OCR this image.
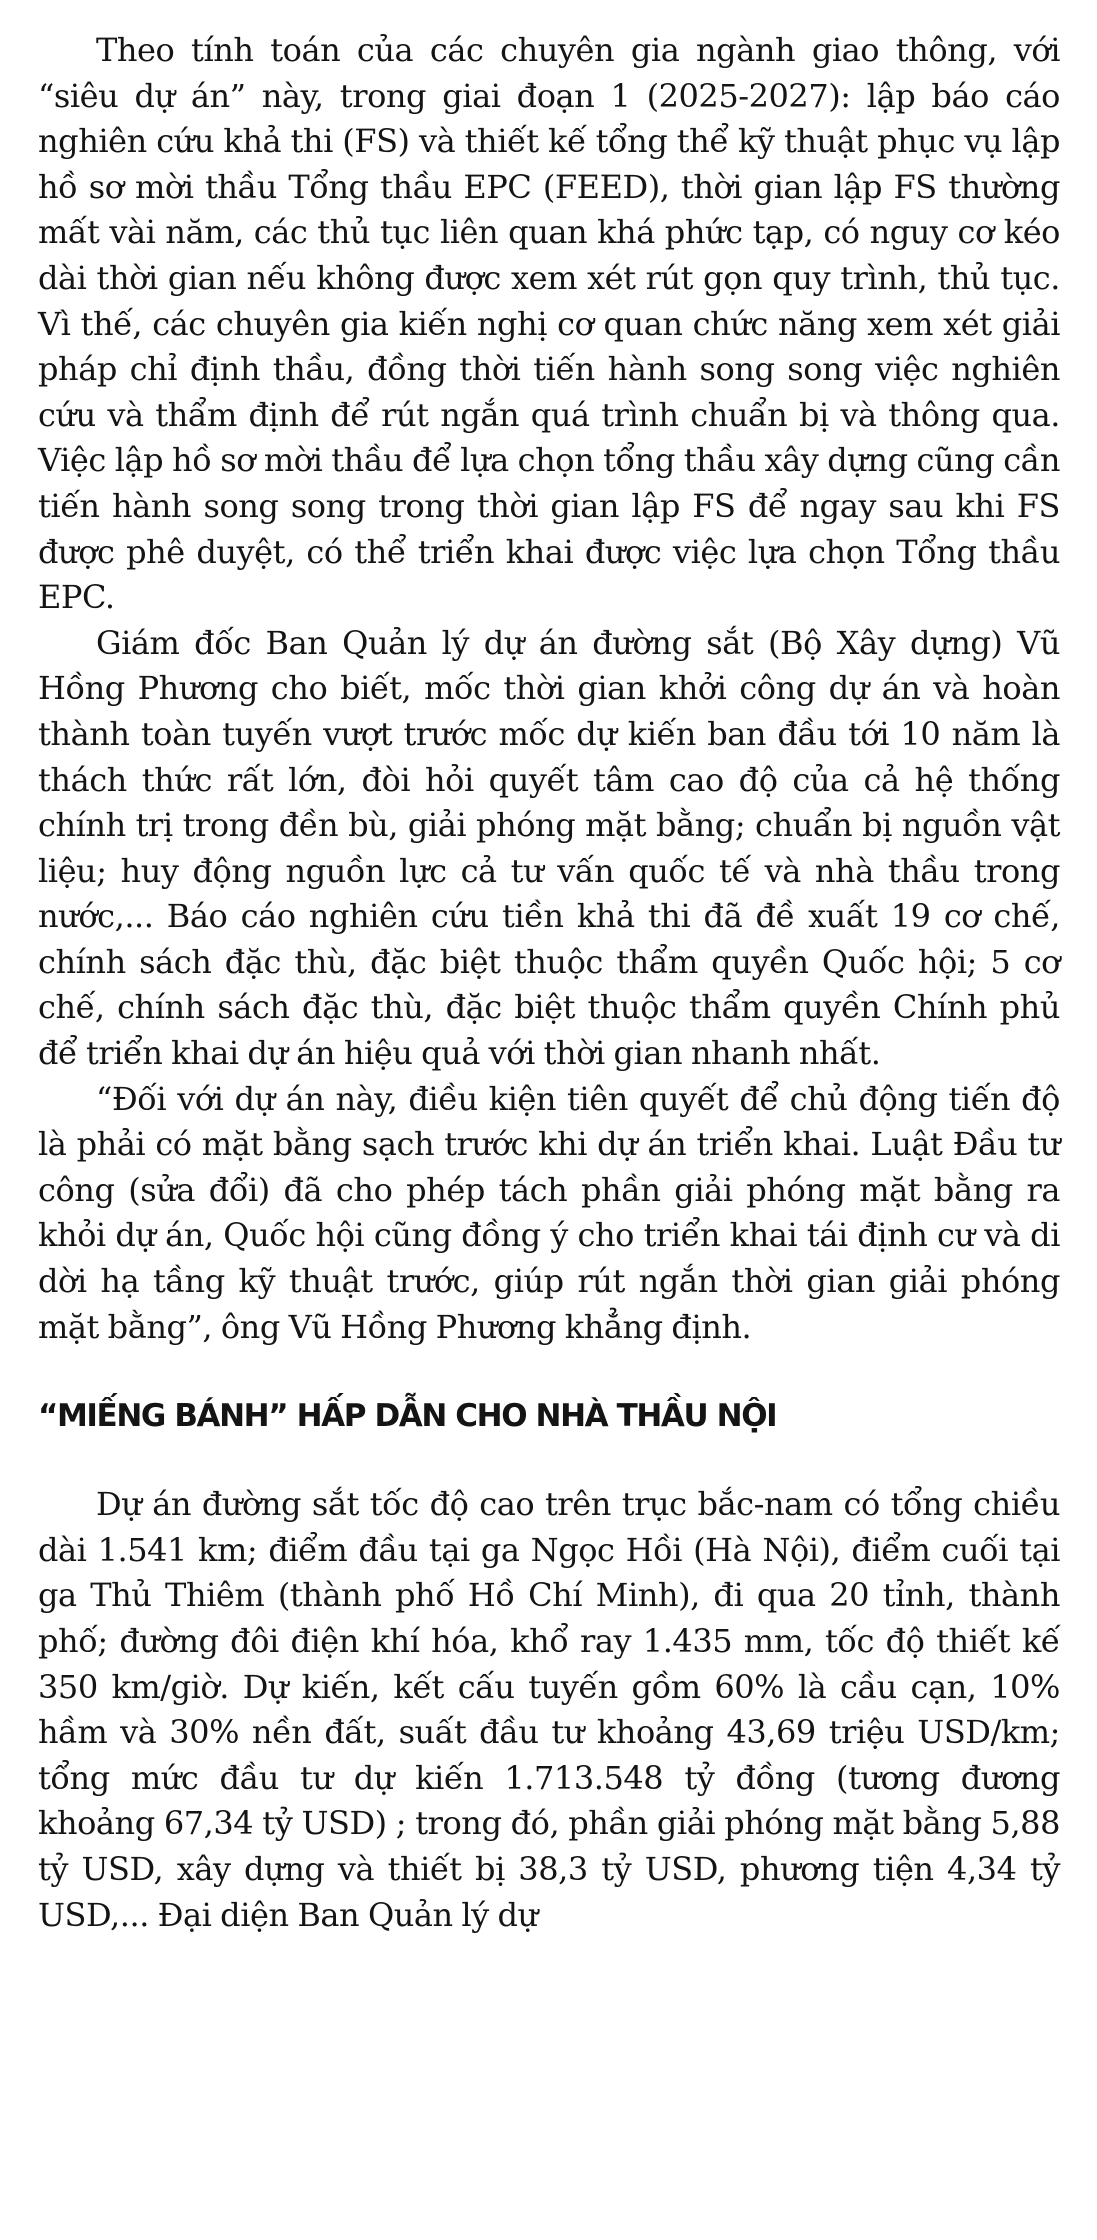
Theo tính toán của các chuyên gia ngành giao thông, với “siêu dự án” này, trong giai đoạn 1 (2025-2027): lập báo cáo nghiên cứu khả thi (FS) và thiết kế tổng thể kỹ thuật phục vụ lập hồ sơ mời thầu Tổng thầu EPC (FEED), thời gian lập FS thường mất vài năm, các thủ tục liên quan khá phức tạp, có nguy cơ kéo dài thời gian nếu không được xem xét rút gọn quy trình, thủ tục. Vì thế, các chuyên gia kiến nghị cơ quan chức năng xem xét giải pháp chỉ định thầu, đồng thời tiến hành song song việc nghiên cứu và thẩm định để rút ngắn quá trình chuẩn bị và thông qua. Việc lập hồ sơ mời thầu để lựa chọn tổng thầu xây dựng cũng cần tiến hành song song trong thời gian lập FS để ngay sau khi FS được phê duyệt, có thể triển khai được việc lựa chọn Tổng thầu EPC.

Giám đốc Ban Quản lý dự án đường sắt (Bộ Xây dựng) Vũ Hồng Phương cho biết, mốc thời gian khởi công dự án và hoàn thành toàn tuyến vượt trước mốc dự kiến ban đầu tới 10 năm là thách thức rất lớn, đòi hỏi quyết tâm cao độ của cả hệ thống chính trị trong đền bù, giải phóng mặt bằng; chuẩn bị nguồn vật liệu; huy động nguồn lực cả tư vấn quốc tế và nhà thầu trong nước,... Báo cáo nghiên cứu tiền khả thi đã đề xuất 19 cơ chế, chính sách đặc thù, đặc biệt thuộc thẩm quyền Quốc hội; 5 cơ chế, chính sách đặc thù, đặc biệt thuộc thẩm quyền Chính phủ để triển khai dự án hiệu quả với thời gian nhanh nhất.

“Đối với dự án này, điều kiện tiên quyết để chủ động tiến độ là phải có mặt bằng sạch trước khi dự án triển khai. Luật Đầu tư công (sửa đổi) đã cho phép tách phần giải phóng mặt bằng ra khỏi dự án, Quốc hội cũng đồng ý cho triển khai tái định cư và di dời hạ tầng kỹ thuật trước, giúp rút ngắn thời gian giải phóng mặt bằng”, ông Vũ Hồng Phương khẳng định.

“MIẾNG BÁNH” HẤP DẪN CHO NHÀ THẦU NỘI

Dự án đường sắt tốc độ cao trên trục bắc-nam có tổng chiều dài 1.541 km; điểm đầu tại ga Ngọc Hồi (Hà Nội), điểm cuối tại ga Thủ Thiêm (thành phố Hồ Chí Minh), đi qua 20 tỉnh, thành phố; đường đôi điện khí hóa, khổ ray 1.435 mm, tốc độ thiết kế 350 km/giờ. Dự kiến, kết cấu tuyến gồm 60% là cầu cạn, 10% hầm và 30% nền đất, suất đầu tư khoảng 43,69 triệu USD/km; tổng mức đầu tư dự kiến 1.713.548 tỷ đồng (tương đương khoảng 67,34 tỷ USD) ; trong đó, phần giải phóng mặt bằng 5,88 tỷ USD, xây dựng và thiết bị 38,3 tỷ USD, phương tiện 4,34 tỷ USD,... Đại diện Ban Quản lý dự
